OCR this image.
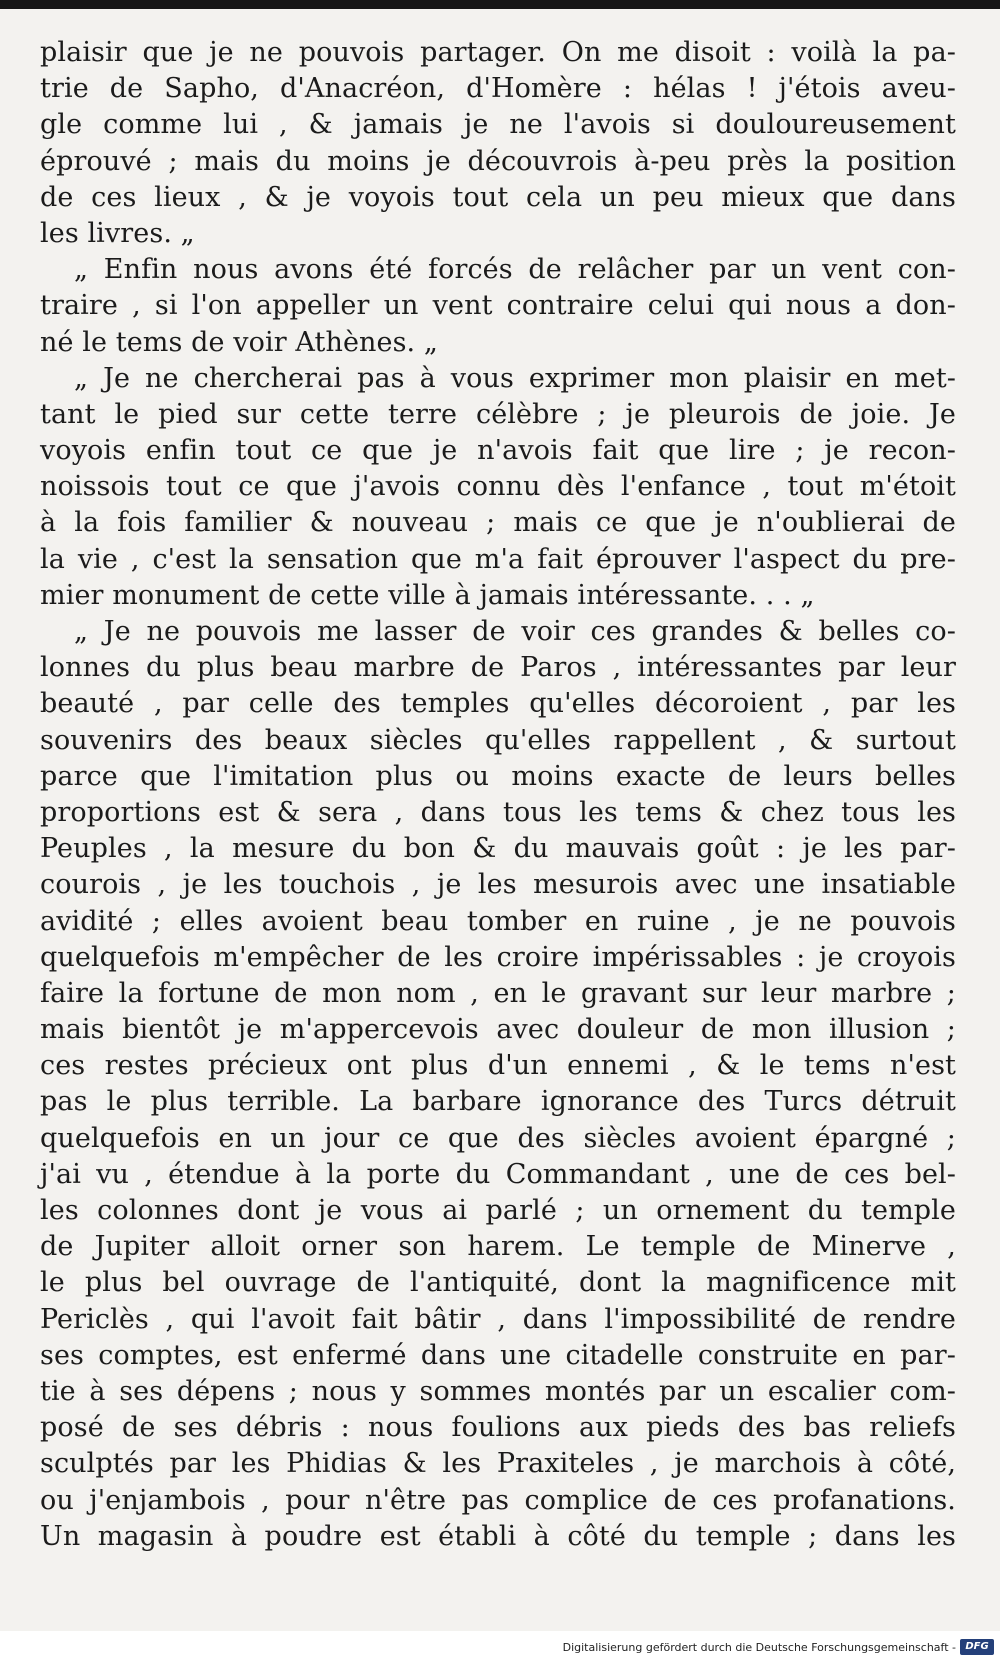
plaisir que je ne pouvois partager. On me disoit : voilà la pa-
trie de Sapho, d'Anacréon, d'Homère : hélas ! j'étois aveu-
gle comme lui , & jamais je ne l'avois si douloureusement
éprouvé ; mais du moins je découvrois à-peu près la position
de ces lieux , & je voyois tout cela un peu mieux que dans
les livres. „
„ Enfin nous avons été forcés de relâcher par un vent con-
traire , si l'on appeller un vent contraire celui qui nous a don-
né le tems de voir Athènes. „
„ Je ne chercherai pas à vous exprimer mon plaisir en met-
tant le pied sur cette terre célèbre ; je pleurois de joie. Je
voyois enfin tout ce que je n'avois fait que lire ; je recon-
noissois tout ce que j'avois connu dès l'enfance , tout m'étoit
à la fois familier & nouveau ; mais ce que je n'oublierai de
la vie , c'est la sensation que m'a fait éprouver l'aspect du pre-
mier monument de cette ville à jamais intéressante. . . „
„ Je ne pouvois me lasser de voir ces grandes & belles co-
lonnes du plus beau marbre de Paros , intéressantes par leur
beauté , par celle des temples qu'elles décoroient , par les
souvenirs des beaux siècles qu'elles rappellent , & surtout
parce que l'imitation plus ou moins exacte de leurs belles
proportions est & sera , dans tous les tems & chez tous les
Peuples , la mesure du bon & du mauvais goût : je les par-
courois , je les touchois , je les mesurois avec une insatiable
avidité ; elles avoient beau tomber en ruine , je ne pouvois
quelquefois m'empêcher de les croire impérissables : je croyois
faire la fortune de mon nom , en le gravant sur leur marbre ;
mais bientôt je m'appercevois avec douleur de mon illusion ;
ces restes précieux ont plus d'un ennemi , & le tems n'est
pas le plus terrible. La barbare ignorance des Turcs détruit
quelquefois en un jour ce que des siècles avoient épargné ;
j'ai vu , étendue à la porte du Commandant , une de ces bel-
les colonnes dont je vous ai parlé ; un ornement du temple
de Jupiter alloit orner son harem. Le temple de Minerve ,
le plus bel ouvrage de l'antiquité, dont la magnificence mit
Periclès , qui l'avoit fait bâtir , dans l'impossibilité de rendre
ses comptes, est enfermé dans une citadelle construite en par-
tie à ses dépens ; nous y sommes montés par un escalier com-
posé de ses débris : nous foulions aux pieds des bas reliefs
sculptés par les Phidias & les Praxiteles , je marchois à côté,
ou j'enjambois , pour n'être pas complice de ces profanations.
Un magasin à poudre est établi à côté du temple ; dans les
Digitalisierung gefördert durch die Deutsche Forschungsgemeinschaft - DFG
